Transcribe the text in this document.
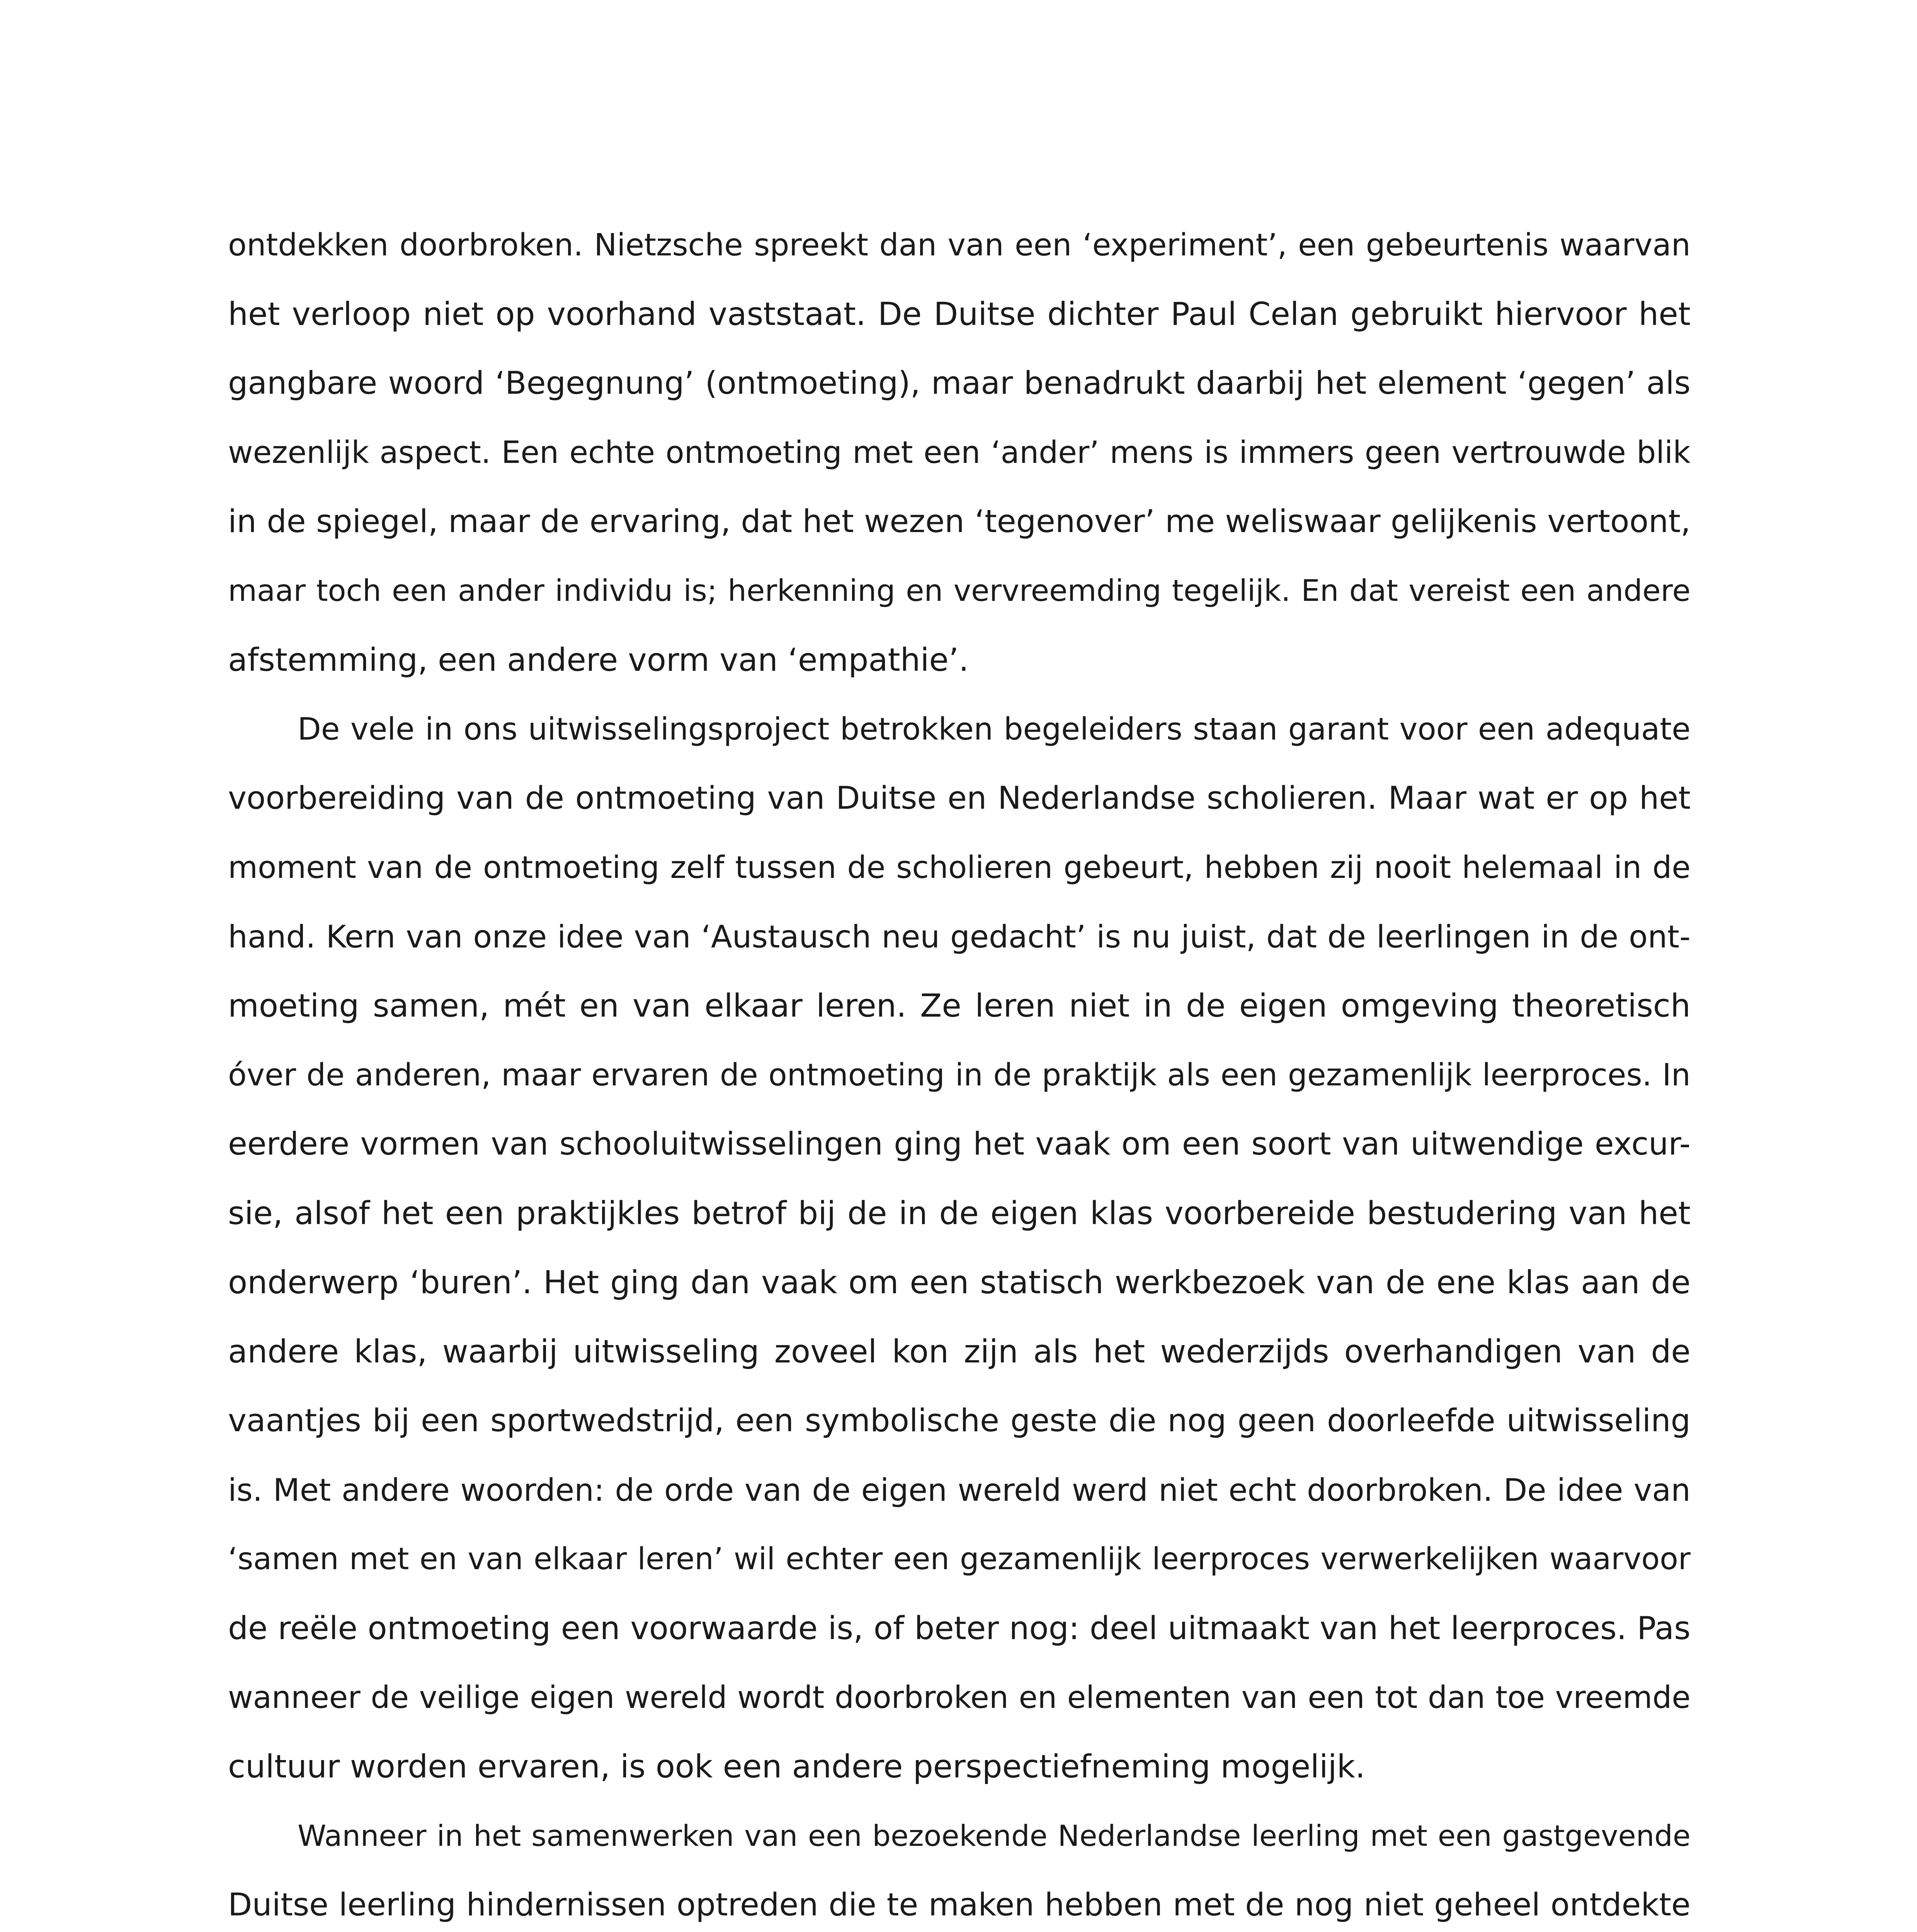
ontdekken doorbroken. Nietzsche spreekt dan van een ‘experiment’, een gebeurtenis waarvan
het verloop niet op voorhand vaststaat. De Duitse dichter Paul Celan gebruikt hiervoor het
gangbare woord ‘Begegnung’ (ontmoeting), maar benadrukt daarbij het element ‘gegen’ als
wezenlijk aspect. Een echte ontmoeting met een ‘ander’ mens is immers geen vertrouwde blik
in de spiegel, maar de ervaring, dat het wezen ‘tegenover’ me weliswaar gelijkenis vertoont,
maar toch een ander individu is; herkenning en vervreemding tegelijk. En dat vereist een andere
afstemming, een andere vorm van ‘empathie’.
De vele in ons uitwisselingsproject betrokken begeleiders staan garant voor een adequate
voorbereiding van de ontmoeting van Duitse en Nederlandse scholieren. Maar wat er op het
moment van de ontmoeting zelf tussen de scholieren gebeurt, hebben zij nooit helemaal in de
hand. Kern van onze idee van ‘Austausch neu gedacht’ is nu juist, dat de leerlingen in de ont-
moeting samen, mét en van elkaar leren. Ze leren niet in de eigen omgeving theoretisch
óver de anderen, maar ervaren de ontmoeting in de praktijk als een gezamenlijk leerproces. In
eerdere vormen van schooluitwisselingen ging het vaak om een soort van uitwendige excur-
sie, alsof het een praktijkles betrof bij de in de eigen klas voorbereide bestudering van het
onderwerp ‘buren’. Het ging dan vaak om een statisch werkbezoek van de ene klas aan de
andere klas, waarbij uitwisseling zoveel kon zijn als het wederzijds overhandigen van de
vaantjes bij een sportwedstrijd, een symbolische geste die nog geen doorleefde uitwisseling
is. Met andere woorden: de orde van de eigen wereld werd niet echt doorbroken. De idee van
‘samen met en van elkaar leren’ wil echter een gezamenlijk leerproces verwerkelijken waarvoor
de reële ontmoeting een voorwaarde is, of beter nog: deel uitmaakt van het leerproces. Pas
wanneer de veilige eigen wereld wordt doorbroken en elementen van een tot dan toe vreemde
cultuur worden ervaren, is ook een andere perspectiefneming mogelijk.
Wanneer in het samenwerken van een bezoekende Nederlandse leerling met een gastgevende
Duitse leerling hindernissen optreden die te maken hebben met de nog niet geheel ontdekte
